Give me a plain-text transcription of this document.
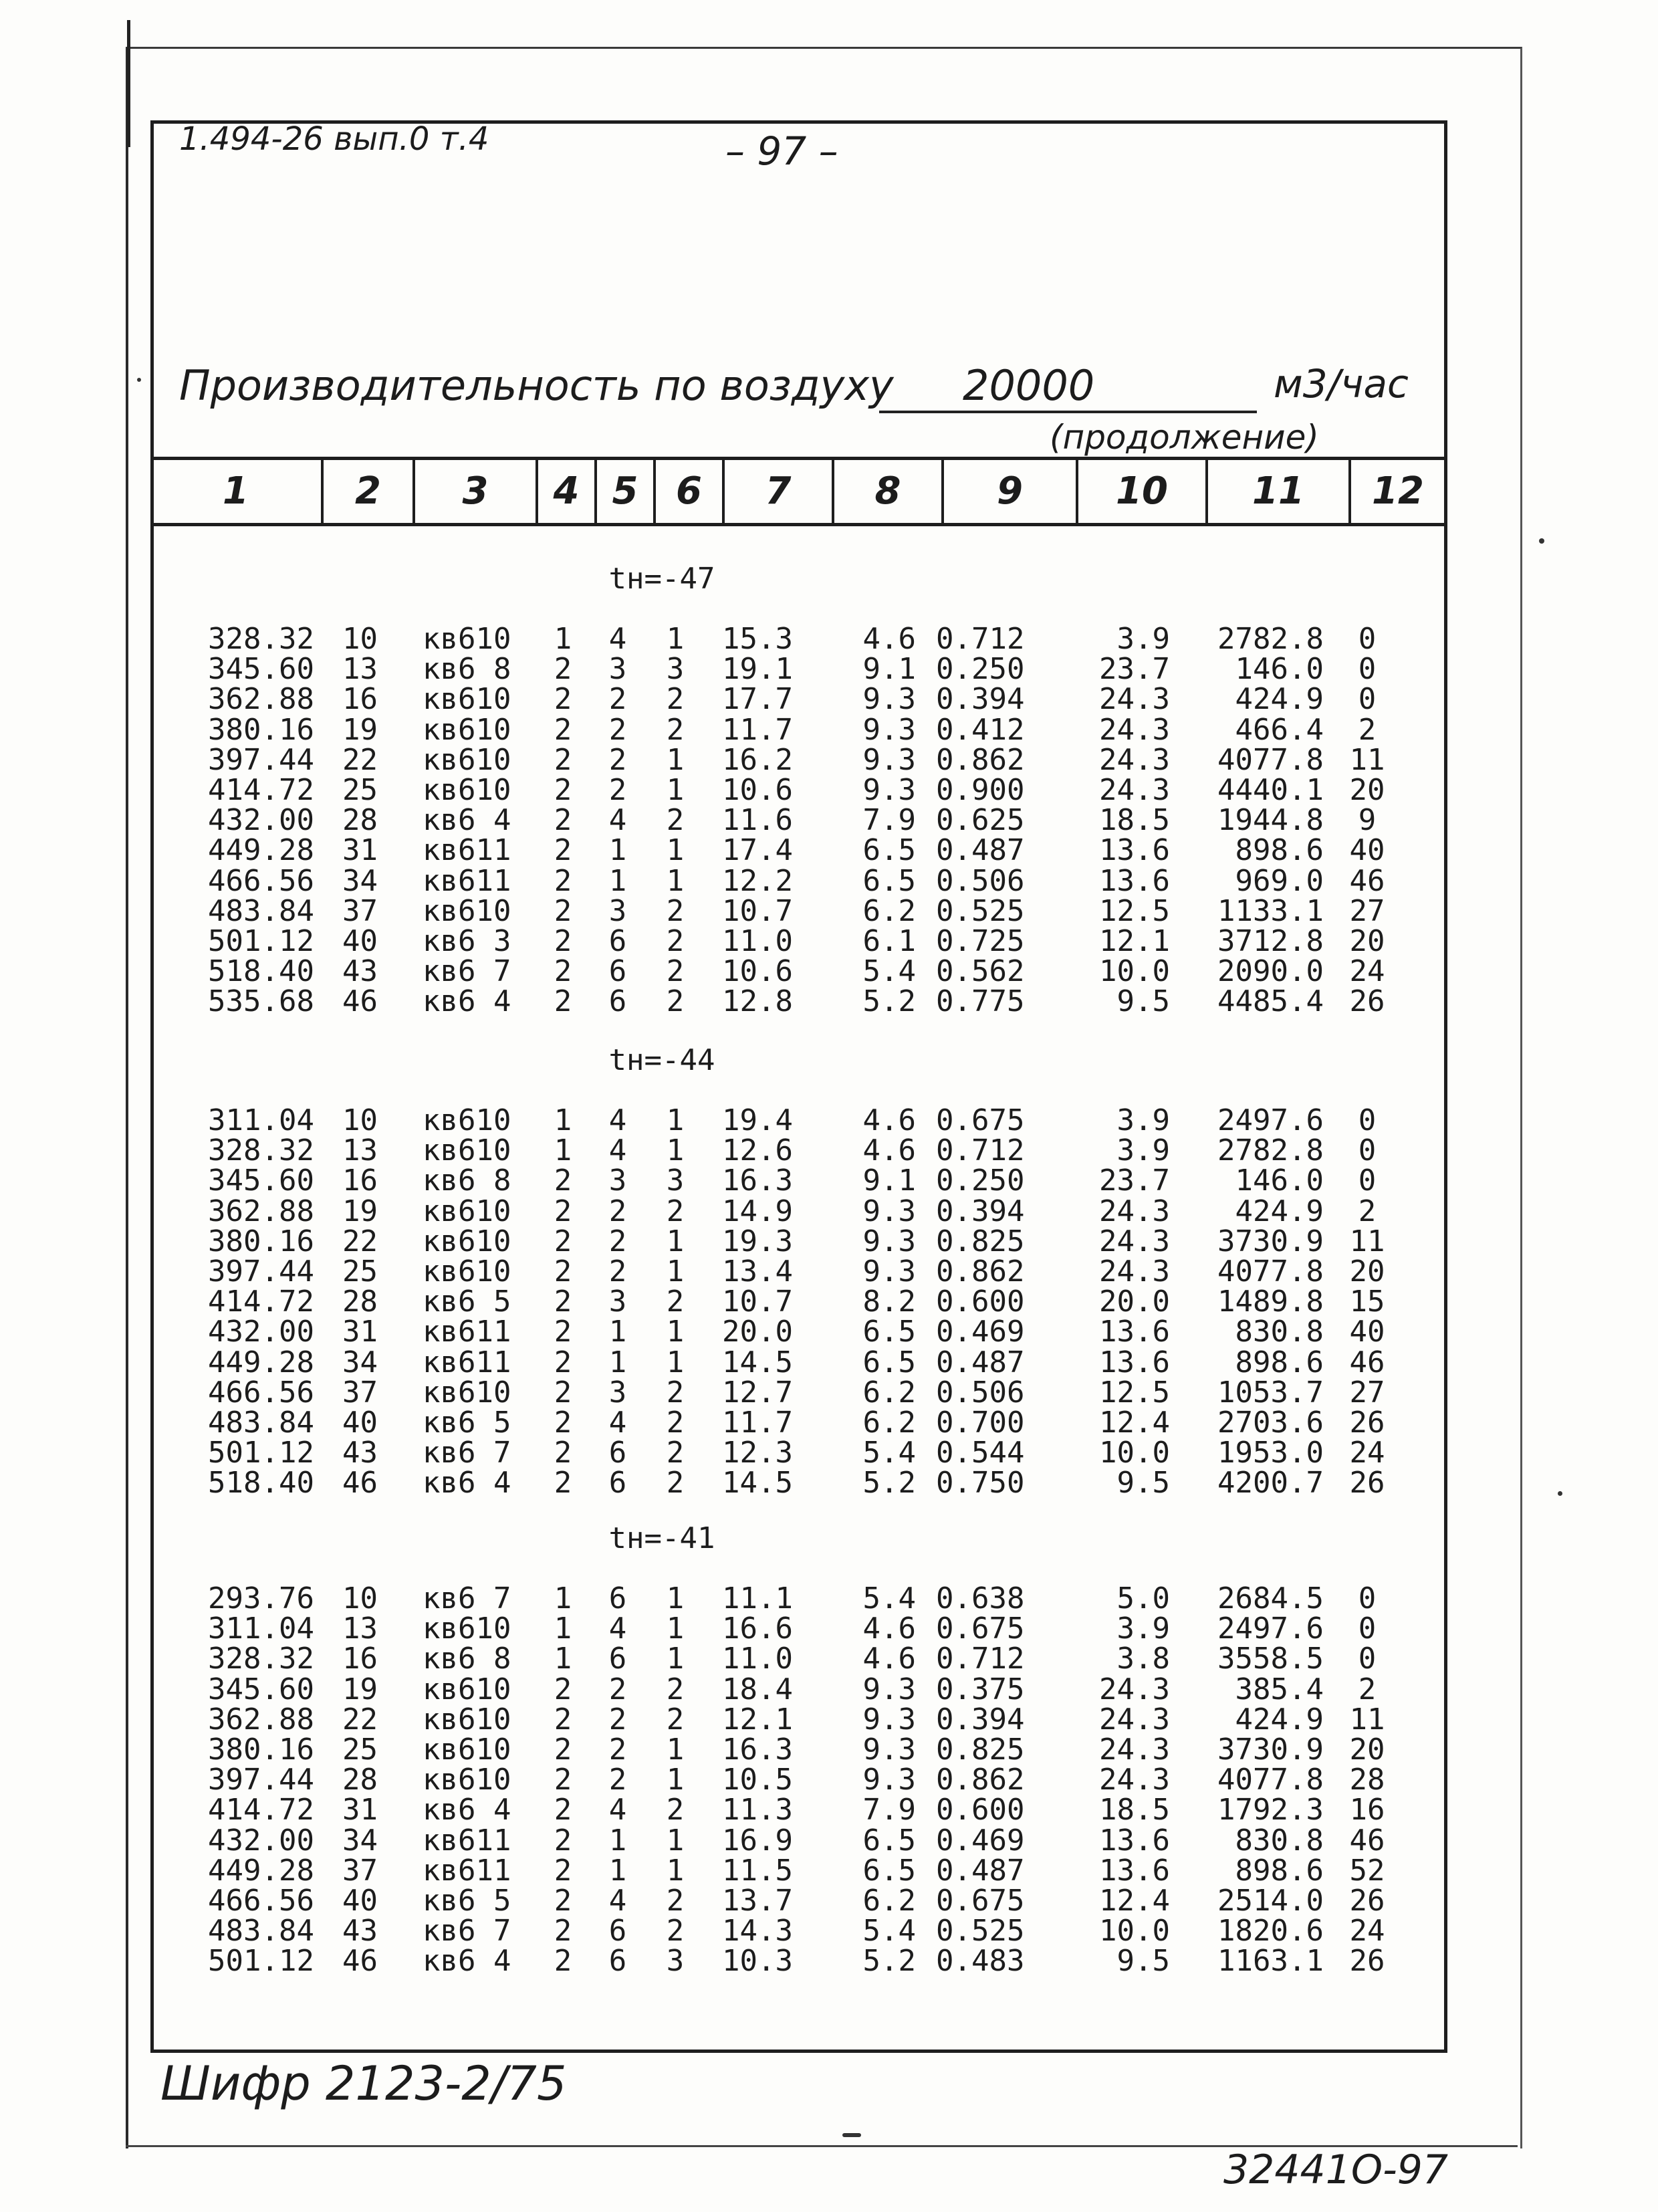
1.494-26 вып.0 т.4	– 97 –
Производительность по воздуху 20000	м3/час
(продолжение)
1	2	3	4 5	6	7	8	9	10	11	12
tн=-47
328.32 10	кв610	1 4 1 15.3	4.6 0.712	3.9	2782.8	0
345.60 13	кв6 8	2 3 3 19.1	9.1 0.250	23.7	146.0	0
362.88 16	кв610	2 2 2 17.7	9.3 0.394	24.3	424.9	0
380.16 19	кв610	2 2 2 11.7	9.3 0.412	24.3	466.4	2
397.44 22	кв610	2 2 1 16.2	9.3 0.862	24.3	4077.8 11
414.72 25	кв610	2 2 1 10.6	9.3 0.900	24.3	4440.1 20
432.00 28	кв6 4	2 4 2 11.6	7.9 0.625	18.5	1944.8	9
449.28 31	кв611	2 1 1 17.4	6.5 0.487	13.6	898.6 40
466.56 34	кв611	2 1 1 12.2	6.5 0.506	13.6	969.0 46
483.84 37	кв610	2 3 2 10.7	6.2 0.525	12.5	1133.1 27
501.12 40	кв6 3	2 6 2 11.0	6.1 0.725	12.1	3712.8 20
518.40 43	кв6 7	2 6 2 10.6	5.4 0.562	10.0	2090.0 24
535.68 46	кв6 4	2 6 2 12.8	5.2 0.775	9.5	4485.4 26
tн=-44
311.04 10	кв610	1 4 1 19.4	4.6 0.675	3.9	2497.6	0
328.32 13	кв610	1 4 1 12.6	4.6 0.712	3.9	2782.8	0
345.60 16	кв6 8	2 3 3 16.3	9.1 0.250	23.7	146.0	0
362.88 19	кв610	2 2 2 14.9	9.3 0.394	24.3	424.9	2
380.16 22	кв610	2 2 1 19.3	9.3 0.825	24.3	3730.9 11
397.44 25	кв610	2 2 1 13.4	9.3 0.862	24.3	4077.8 20
414.72 28	кв6 5	2 3 2 10.7	8.2 0.600	20.0	1489.8 15
432.00 31	кв611	2 1 1 20.0	6.5 0.469	13.6	830.8 40
449.28 34	кв611	2 1 1 14.5	6.5 0.487	13.6	898.6 46
466.56 37	кв610	2 3 2 12.7	6.2 0.506	12.5	1053.7 27
483.84 40	кв6 5	2 4 2 11.7	6.2 0.700	12.4	2703.6 26
501.12 43	кв6 7	2 6 2 12.3	5.4 0.544	10.0	1953.0 24
518.40 46	кв6 4	2 6 2 14.5	5.2 0.750	9.5	4200.7 26
tн=-41
293.76 10	кв6 7	1 6 1 11.1	5.4 0.638	5.0	2684.5	0
311.04 13	кв610	1 4 1 16.6	4.6 0.675	3.9	2497.6	0
328.32 16	кв6 8	1 6 1 11.0	4.6 0.712	3.8	3558.5	0
345.60 19	кв610	2 2 2 18.4	9.3 0.375	24.3	385.4	2
362.88 22	кв610	2 2 2 12.1	9.3 0.394	24.3	424.9 11
380.16 25	кв610	2 2 1 16.3	9.3 0.825	24.3	3730.9 20
397.44 28	кв610	2 2 1 10.5	9.3 0.862	24.3	4077.8 28
414.72 31	кв6 4	2 4 2 11.3	7.9 0.600	18.5	1792.3 16
432.00 34	кв611	2 1 1 16.9	6.5 0.469	13.6	830.8 46
449.28 37	кв611	2 1 1 11.5	6.5 0.487	13.6	898.6 52
466.56 40	кв6 5	2 4 2 13.7	6.2 0.675	12.4	2514.0 26
483.84 43	кв6 7	2 6 2 14.3	5.4 0.525	10.0	1820.6 24
501.12 46	кв6 4	2 6 3 10.3	5.2 0.483	9.5	1163.1 26
Шифр 2123-2/75
32441О-97
